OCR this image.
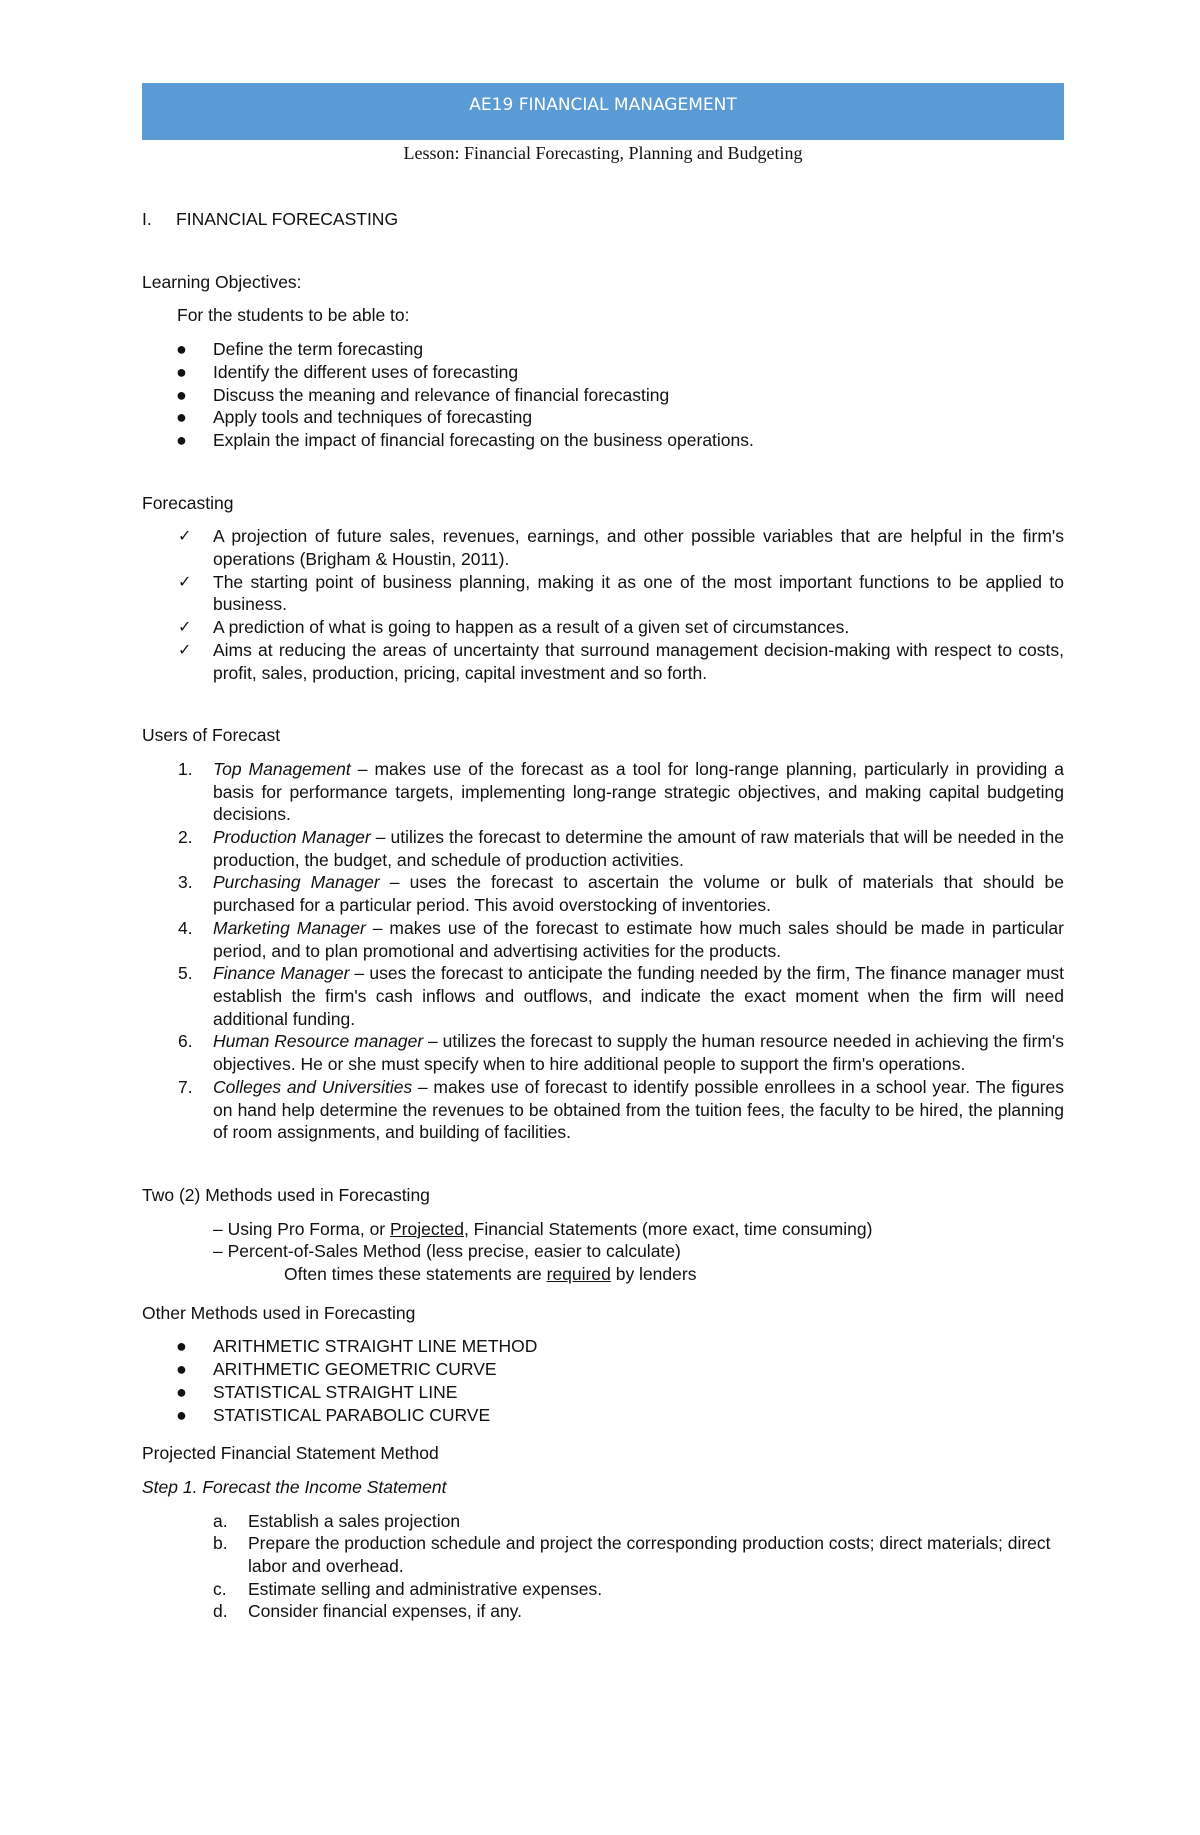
AE19 FINANCIAL MANAGEMENT
Lesson: Financial Forecasting, Planning and Budgeting

I. FINANCIAL FORECASTING

Learning Objectives:

For the students to be able to:

● Define the term forecasting
● Identify the different uses of forecasting
● Discuss the meaning and relevance of financial forecasting
● Apply tools and techniques of forecasting
● Explain the impact of financial forecasting on the business operations.

Forecasting

✓ A projection of future sales, revenues, earnings, and other possible variables that are helpful in the firm's operations (Brigham & Houstin, 2011).
✓ The starting point of business planning, making it as one of the most important functions to be applied to business.
✓ A prediction of what is going to happen as a result of a given set of circumstances.
✓ Aims at reducing the areas of uncertainty that surround management decision-making with respect to costs, profit, sales, production, pricing, capital investment and so forth.

Users of Forecast

1. Top Management – makes use of the forecast as a tool for long-range planning, particularly in providing a basis for performance targets, implementing long-range strategic objectives, and making capital budgeting decisions.
2. Production Manager – utilizes the forecast to determine the amount of raw materials that will be needed in the production, the budget, and schedule of production activities.
3. Purchasing Manager – uses the forecast to ascertain the volume or bulk of materials that should be purchased for a particular period. This avoid overstocking of inventories.
4. Marketing Manager – makes use of the forecast to estimate how much sales should be made in particular period, and to plan promotional and advertising activities for the products.
5. Finance Manager – uses the forecast to anticipate the funding needed by the firm, The finance manager must establish the firm's cash inflows and outflows, and indicate the exact moment when the firm will need additional funding.
6. Human Resource manager – utilizes the forecast to supply the human resource needed in achieving the firm's objectives. He or she must specify when to hire additional people to support the firm's operations.
7. Colleges and Universities – makes use of forecast to identify possible enrollees in a school year. The figures on hand help determine the revenues to be obtained from the tuition fees, the faculty to be hired, the planning of room assignments, and building of facilities.

Two (2) Methods used in Forecasting

– Using Pro Forma, or Projected, Financial Statements (more exact, time consuming)

– Percent-of-Sales Method (less precise, easier to calculate)

Often times these statements are required by lenders

Other Methods used in Forecasting

● ARITHMETIC STRAIGHT LINE METHOD
● ARITHMETIC GEOMETRIC CURVE
● STATISTICAL STRAIGHT LINE
● STATISTICAL PARABOLIC CURVE

Projected Financial Statement Method

Step 1. Forecast the Income Statement

a. Establish a sales projection
b. Prepare the production schedule and project the corresponding production costs; direct materials; direct labor and overhead.
c. Estimate selling and administrative expenses.
d. Consider financial expenses, if any.
